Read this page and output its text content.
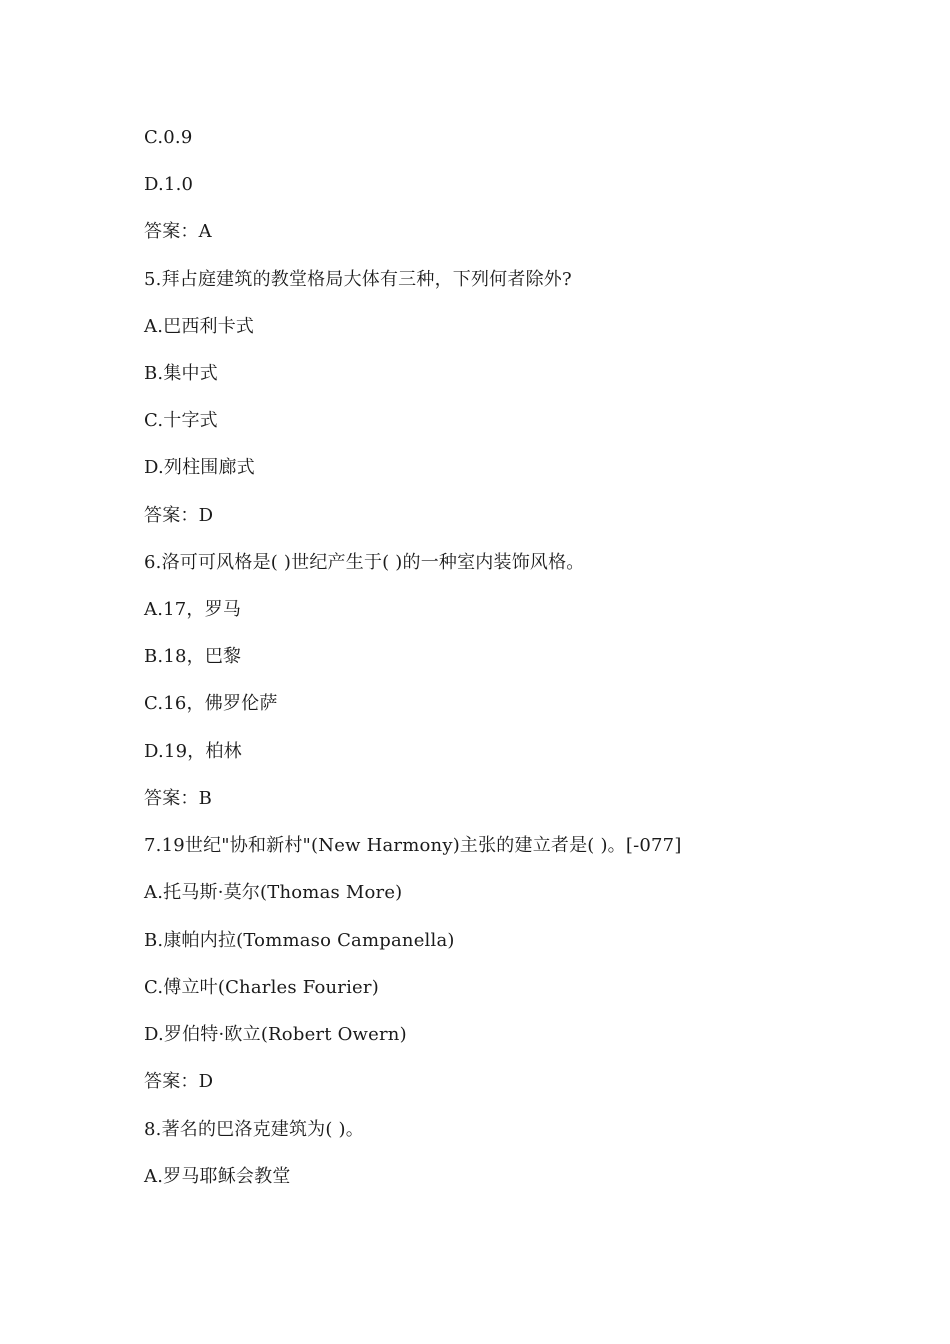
C.0.9
D.1.0
答案：A
5.拜占庭建筑的教堂格局大体有三种，下列何者除外?
A.巴西利卡式
B.集中式
C.十字式
D.列柱围廊式
答案：D
6.洛可可风格是( )世纪产生于( )的一种室内装饰风格。
A.17，罗马
B.18，巴黎
C.16，佛罗伦萨
D.19，柏林
答案：B
7.19世纪"协和新村"(New Harmony)主张的建立者是( )。[-077]
A.托马斯·莫尔(Thomas More)
B.康帕内拉(Tommaso Campanella)
C.傅立叶(Charles Fourier)
D.罗伯特·欧立(Robert Owern)
答案：D
8.著名的巴洛克建筑为( )。
A.罗马耶稣会教堂
